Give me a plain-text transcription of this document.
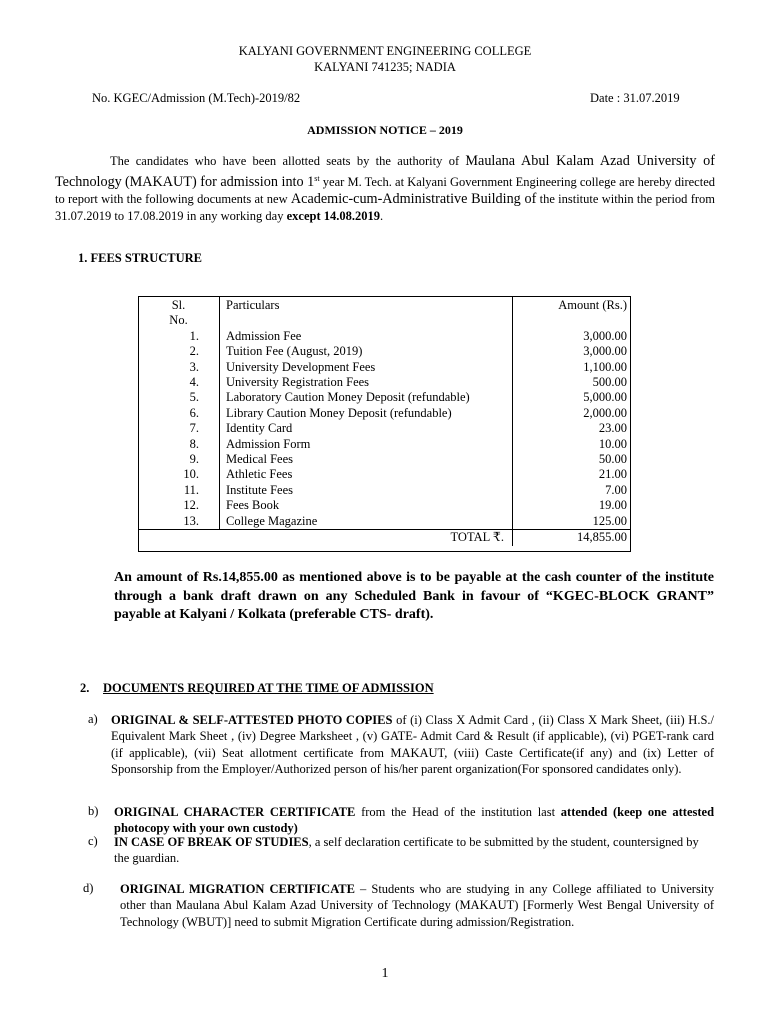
KALYANI GOVERNMENT ENGINEERING COLLEGE
KALYANI 741235; NADIA
No. KGEC/Admission (M.Tech)-2019/82	Date : 31.07.2019
ADMISSION NOTICE – 2019
The candidates who have been allotted seats by the authority of Maulana Abul Kalam Azad University of Technology (MAKAUT) for admission into 1st year M. Tech. at Kalyani Government Engineering college are hereby directed to report with the following documents at new Academic-cum-Administrative Building of the institute within the period from 31.07.2019 to 17.08.2019 in any working day except 14.08.2019.
1. FEES STRUCTURE
Sl.
No.	Particulars	Amount (Rs.)
1.	Admission Fee	3,000.00
2.	Tuition Fee (August, 2019)	3,000.00
3.	University Development Fees	1,100.00
4.	University Registration Fees	500.00
5.	Laboratory Caution Money Deposit (refundable)	5,000.00
6.	Library Caution Money Deposit (refundable)	2,000.00
7.	Identity Card	23.00
8.	Admission Form	10.00
9.	Medical Fees	50.00
10.	Athletic Fees	21.00
11.	Institute Fees	7.00
12.	Fees Book	19.00
13.	College Magazine	125.00
TOTAL ₹.		14,855.00
An amount of Rs.14,855.00 as mentioned above is to be payable at the cash counter of the institute through a bank draft drawn on any Scheduled Bank in favour of “KGEC-BLOCK GRANT” payable at Kalyani / Kolkata (preferable CTS- draft).
2. DOCUMENTS REQUIRED AT THE TIME OF ADMISSION
a) ORIGINAL & SELF-ATTESTED PHOTO COPIES of (i) Class X Admit Card , (ii) Class X Mark Sheet, (iii) H.S./ Equivalent Mark Sheet , (iv) Degree Marksheet , (v) GATE- Admit Card & Result (if applicable), (vi) PGET-rank card (if applicable), (vii) Seat allotment certificate from MAKAUT, (viii) Caste Certificate(if any) and (ix) Letter of Sponsorship from the Employer/Authorized person of his/her parent organization(For sponsored candidates only).
b) ORIGINAL CHARACTER CERTIFICATE from the Head of the institution last attended (keep one attested photocopy with your own custody)
c) IN CASE OF BREAK OF STUDIES, a self declaration certificate to be submitted by the student, countersigned by the guardian.
d) ORIGINAL MIGRATION CERTIFICATE – Students who are studying in any College affiliated to University other than Maulana Abul Kalam Azad University of Technology (MAKAUT) [Formerly West Bengal University of Technology (WBUT)] need to submit Migration Certificate during admission/Registration.
1
